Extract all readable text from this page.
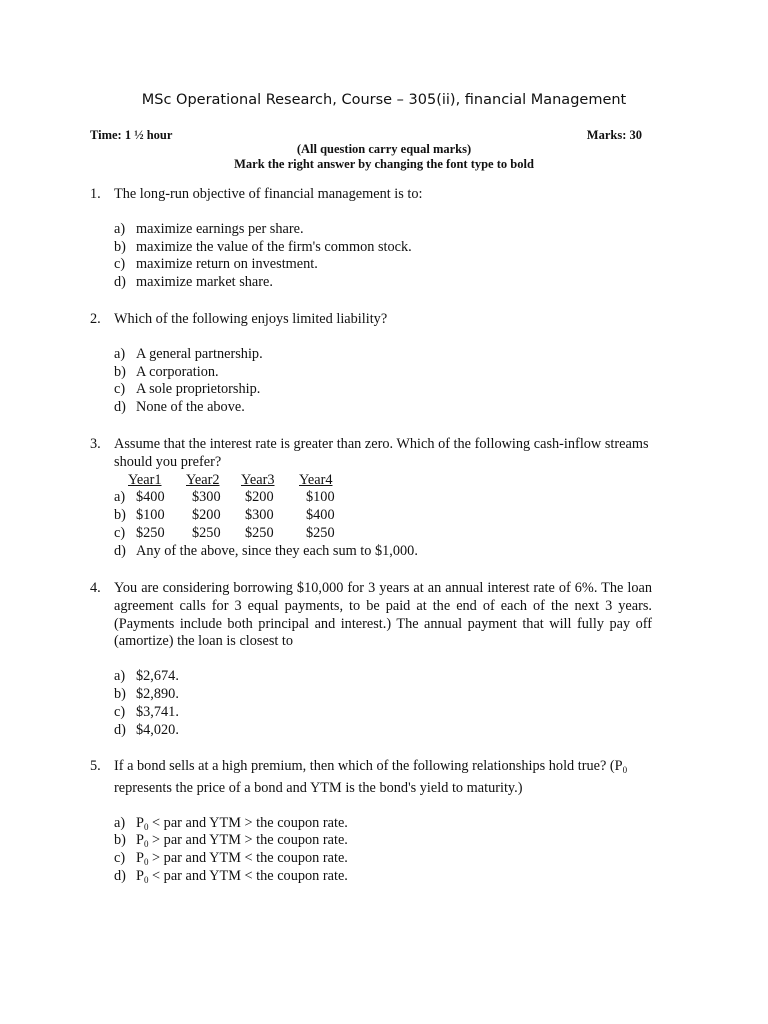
MSc Operational Research, Course – 305(ii), financial Management
Time: 1 ½ hour	Marks: 30
(All question carry equal marks)
Mark the right answer by changing the font type to bold
1. The long-run objective of financial management is to:
a) maximize earnings per share.
b) maximize the value of the firm's common stock.
c) maximize return on investment.
d) maximize market share.
2. Which of the following enjoys limited liability?
a) A general partnership.
b) A corporation.
c) A sole proprietorship.
d) None of the above.
3. Assume that the interest rate is greater than zero. Which of the following cash-inflow streams should you prefer?
Year1 Year2 Year3 Year4
a) $400 $300 $200 $100
b) $100 $200 $300 $400
c) $250 $250 $250 $250
d) Any of the above, since they each sum to $1,000.
4. You are considering borrowing $10,000 for 3 years at an annual interest rate of 6%. The loan agreement calls for 3 equal payments, to be paid at the end of each of the next 3 years. (Payments include both principal and interest.) The annual payment that will fully pay off (amortize) the loan is closest to
a) $2,674.
b) $2,890.
c) $3,741.
d) $4,020.
5. If a bond sells at a high premium, then which of the following relationships hold true? ($P_0$ represents the price of a bond and YTM is the bond's yield to maturity.)
a) $P_0$ < par and YTM > the coupon rate.
b) $P_0$ > par and YTM > the coupon rate.
c) $P_0$ > par and YTM < the coupon rate.
d) $P_0$ < par and YTM < the coupon rate.
